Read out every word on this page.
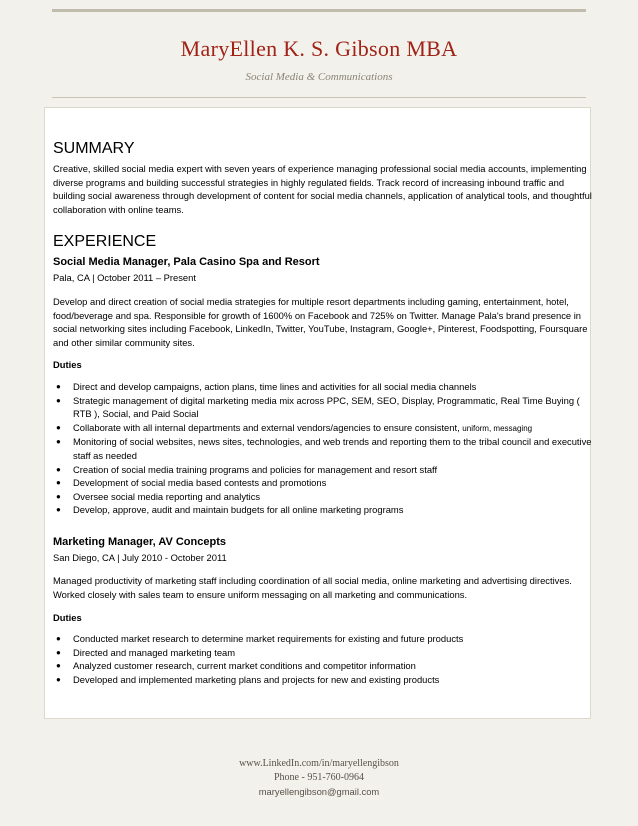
MaryEllen K. S. Gibson MBA
Social Media & Communications
SUMMARY

Creative, skilled social media expert with seven years of experience managing professional social media accounts, implementing diverse programs and building successful strategies in highly regulated fields. Track record of increasing inbound traffic and building social awareness through development of content for social media channels, application of analytical tools, and thoughtful collaboration with online teams.

EXPERIENCE

Social Media Manager, Pala Casino Spa and Resort

Pala, CA | October 2011 – Present

Develop and direct creation of social media strategies for multiple resort departments including gaming, entertainment, hotel, food/beverage and spa. Responsible for growth of 1600% on Facebook and 725% on Twitter. Manage Pala's brand presence in social networking sites including Facebook, LinkedIn, Twitter, YouTube, Instagram, Google+, Pinterest, Foodspotting, Foursquare and other similar community sites.

Duties

● Direct and develop campaigns, action plans, time lines and activities for all social media channels
● Strategic management of digital marketing media mix across PPC, SEM, SEO, Display, Programmatic, Real Time Buying ( RTB ), Social, and Paid Social
● Collaborate with all internal departments and external vendors/agencies to ensure consistent, uniform, messaging
● Monitoring of social websites, news sites, technologies, and web trends and reporting them to the tribal council and executive staff as needed
● Creation of social media training programs and policies for management and resort staff
● Development of social media based contests and promotions
● Oversee social media reporting and analytics
● Develop, approve, audit and maintain budgets for all online marketing programs

Marketing Manager, AV Concepts

San Diego, CA | July 2010 - October 2011

Managed productivity of marketing staff including coordination of all social media, online marketing and advertising directives. Worked closely with sales team to ensure uniform messaging on all marketing and communications.

Duties

● Conducted market research to determine market requirements for existing and future products
● Directed and managed marketing team
● Analyzed customer research, current market conditions and competitor information
● Developed and implemented marketing plans and projects for new and existing products
www.LinkedIn.com/in/maryellengibson
Phone - 951-760-0964
maryellengibson@gmail.com
